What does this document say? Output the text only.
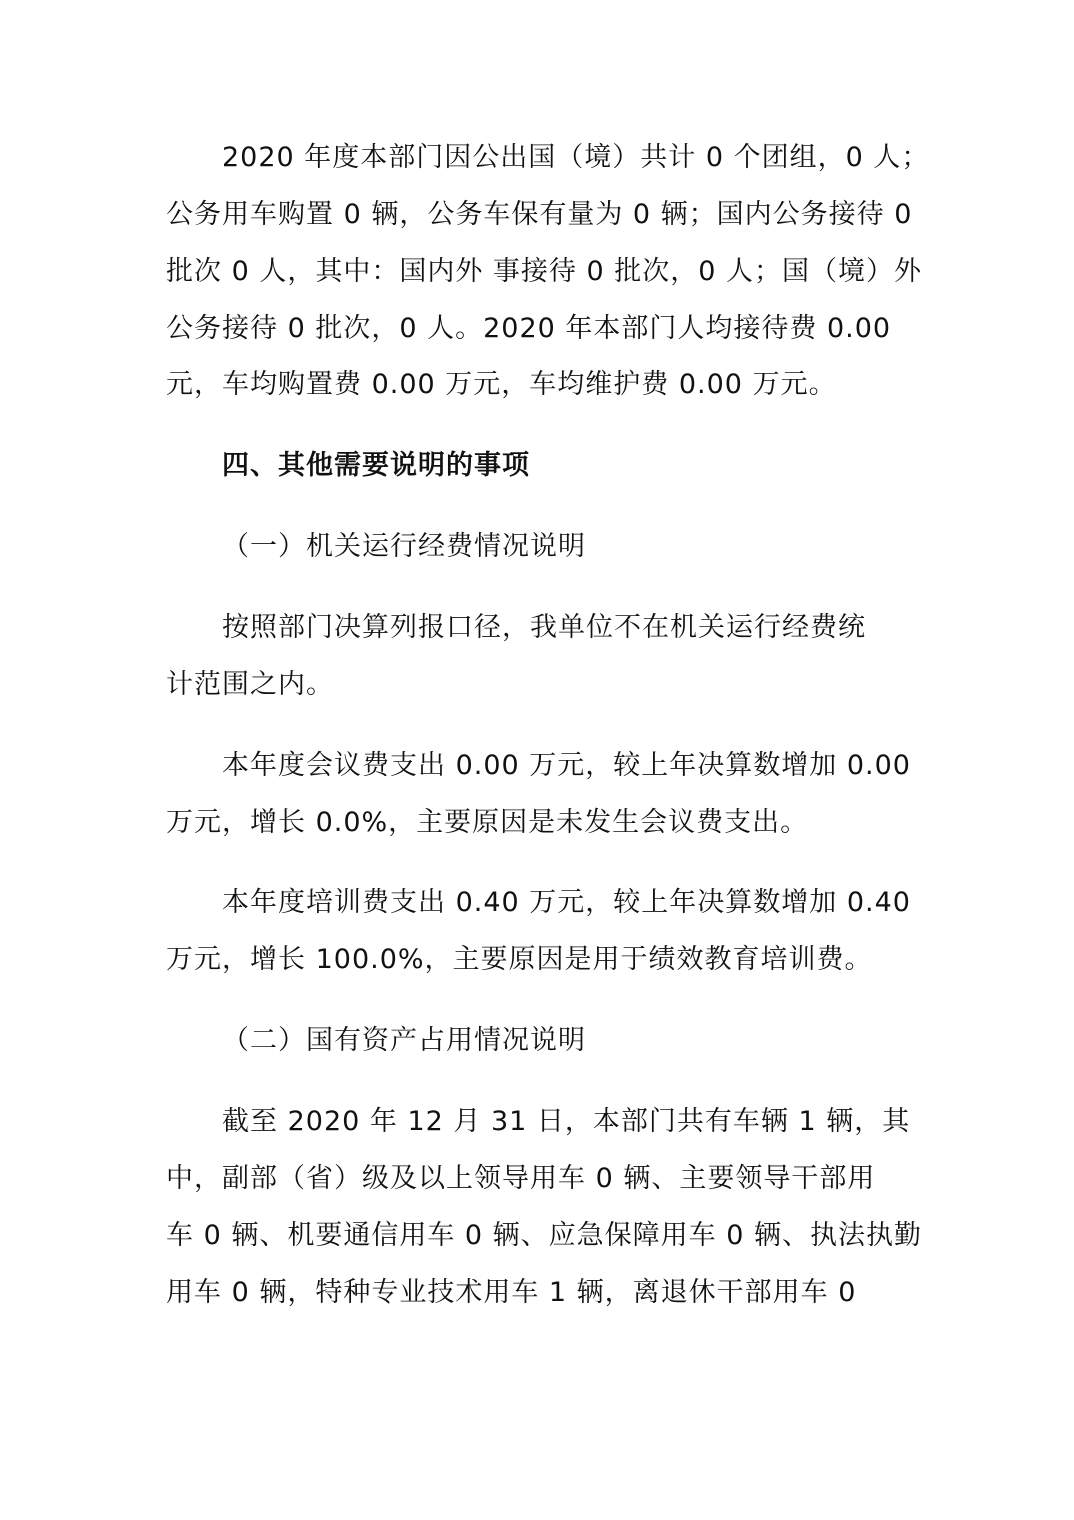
2020 年度本部门因公出国（境）共计 0 个团组，0 人；
公务用车购置 0 辆，公务车保有量为 0 辆；国内公务接待 0
批次 0 人，其中：国内外 事接待 0 批次，0 人；国（境）外
公务接待 0 批次，0 人。2020 年本部门人均接待费 0.00
元，车均购置费 0.00 万元，车均维护费 0.00 万元。
四、其他需要说明的事项
（一）机关运行经费情况说明
按照部门决算列报口径，我单位不在机关运行经费统
计范围之内。
本年度会议费支出 0.00 万元，较上年决算数增加 0.00
万元，增长 0.0%，主要原因是未发生会议费支出。
本年度培训费支出 0.40 万元，较上年决算数增加 0.40
万元，增长 100.0%，主要原因是用于绩效教育培训费。
（二）国有资产占用情况说明
截至 2020 年 12 月 31 日，本部门共有车辆 1 辆，其
中，副部（省）级及以上领导用车 0 辆、主要领导干部用
车 0 辆、机要通信用车 0 辆、应急保障用车 0 辆、执法执勤
用车 0 辆，特种专业技术用车 1 辆，离退休干部用车 0
